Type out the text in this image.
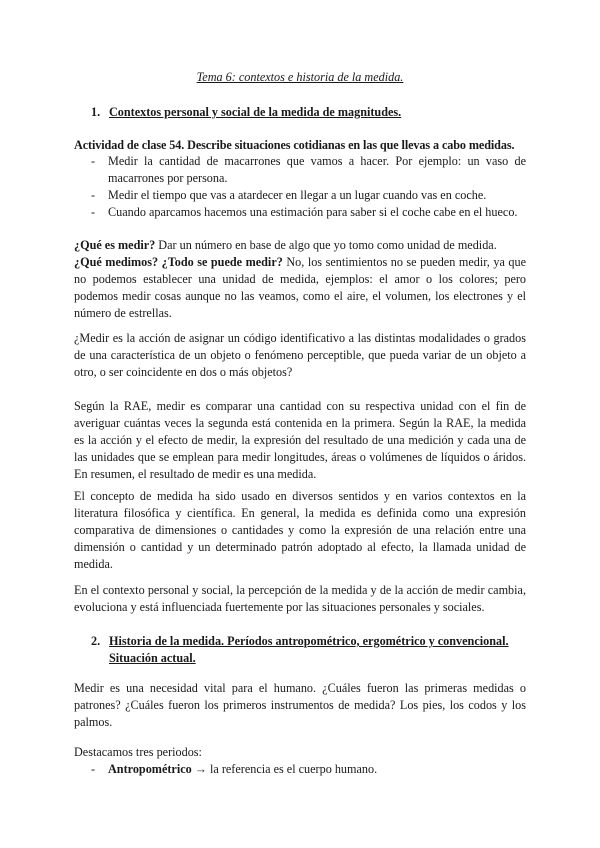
Tema 6: contextos e historia de la medida.
1. Contextos personal y social de la medida de magnitudes.
Actividad de clase 54. Describe situaciones cotidianas en las que llevas a cabo medidas.
- Medir la cantidad de macarrones que vamos a hacer. Por ejemplo: un vaso de macarrones por persona.
- Medir el tiempo que vas a atardecer en llegar a un lugar cuando vas en coche.
- Cuando aparcamos hacemos una estimación para saber si el coche cabe en el hueco.

¿Qué es medir? Dar un número en base de algo que yo tomo como unidad de medida.

¿Qué medimos? ¿Todo se puede medir? No, los sentimientos no se pueden medir, ya que no podemos establecer una unidad de medida, ejemplos: el amor o los colores; pero podemos medir cosas aunque no las veamos, como el aire, el volumen, los electrones y el número de estrellas.

¿Medir es la acción de asignar un código identificativo a las distintas modalidades o grados de una característica de un objeto o fenómeno perceptible, que pueda variar de un objeto a otro, o ser coincidente en dos o más objetos?

Según la RAE, medir es comparar una cantidad con su respectiva unidad con el fin de averiguar cuántas veces la segunda está contenida en la primera. Según la RAE, la medida es la acción y el efecto de medir, la expresión del resultado de una medición y cada una de las unidades que se emplean para medir longitudes, áreas o volúmenes de líquidos o áridos. En resumen, el resultado de medir es una medida.

El concepto de medida ha sido usado en diversos sentidos y en varios contextos en la literatura filosófica y científica. En general, la medida es definida como una expresión comparativa de dimensiones o cantidades y como la expresión de una relación entre una dimensión o cantidad y un determinado patrón adoptado al efecto, la llamada unidad de medida.

En el contexto personal y social, la percepción de la medida y de la acción de medir cambia, evoluciona y está influenciada fuertemente por las situaciones personales y sociales.

2. Historia de la medida. Períodos antropométrico, ergométrico y convencional. Situación actual.

Medir es una necesidad vital para el humano. ¿Cuáles fueron las primeras medidas o patrones? ¿Cuáles fueron los primeros instrumentos de medida? Los pies, los codos y los palmos.

Destacamos tres periodos:

- Antropométrico → la referencia es el cuerpo humano.
